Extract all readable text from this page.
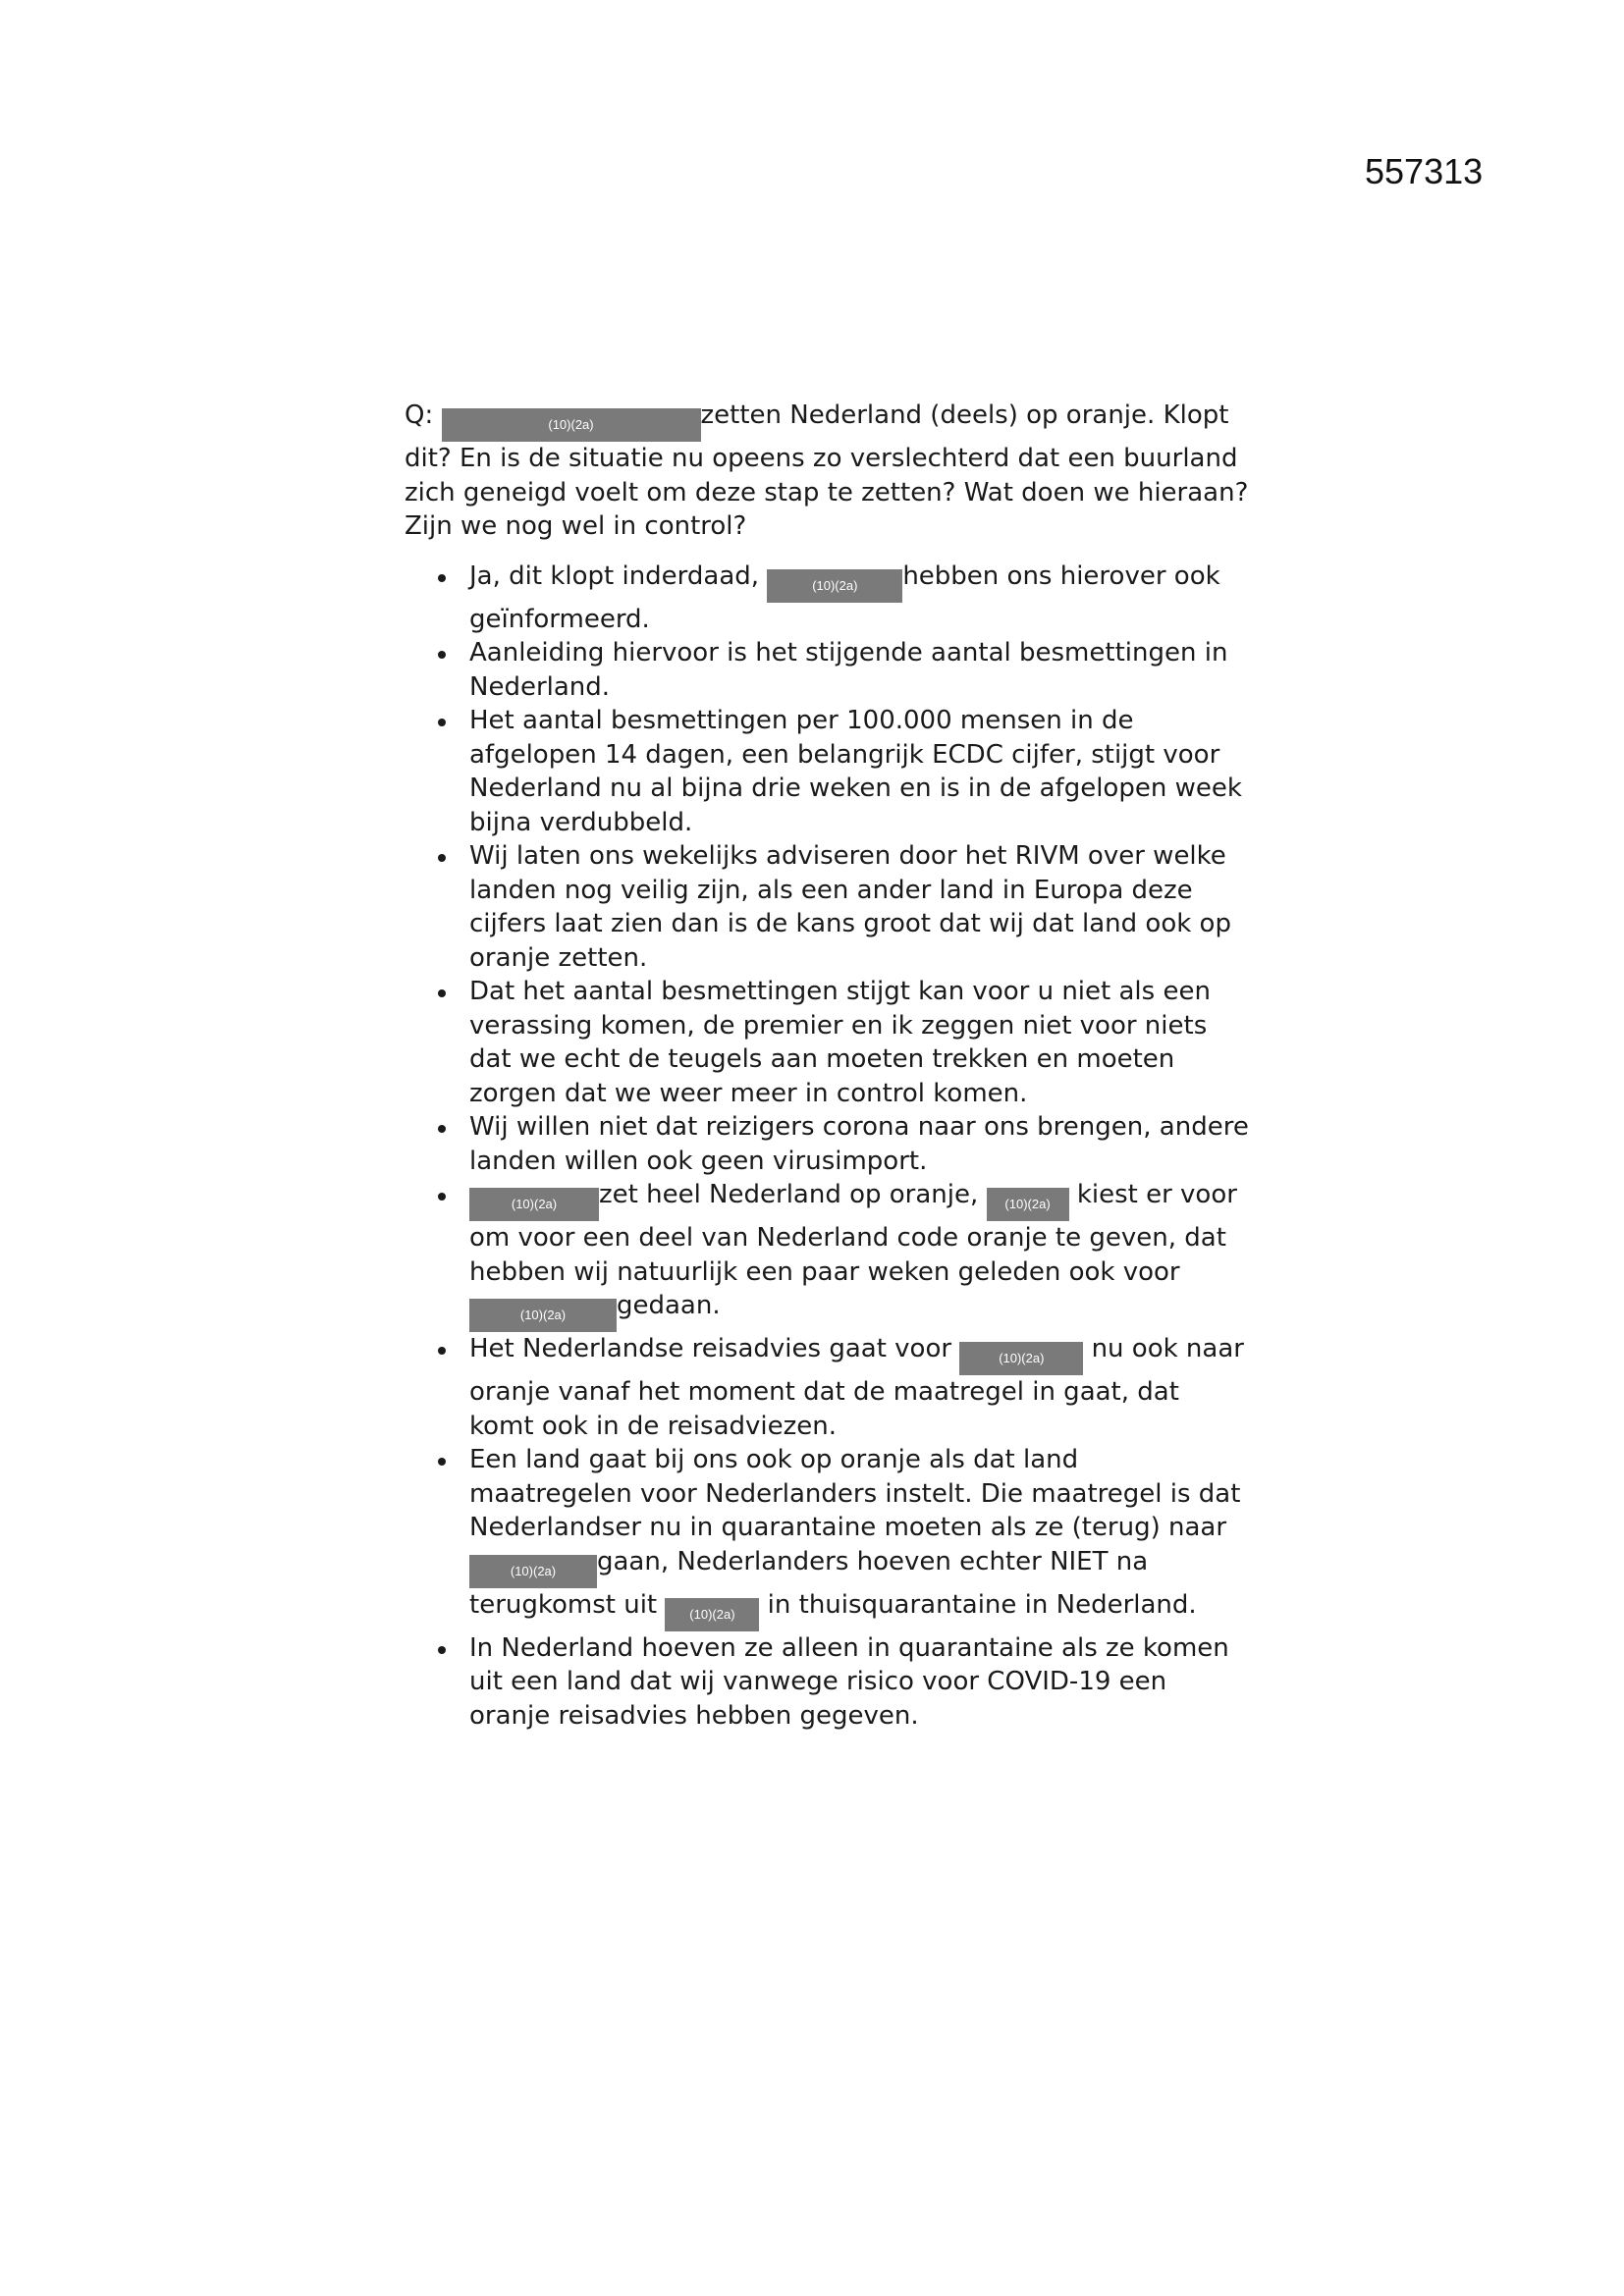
557313

Q:	(10)(2a)	zetten Nederland (deels) op oranje. Klopt dit? En is de situatie nu opeens zo verslechterd dat een buurland zich geneigd voelt om deze stap te zetten? Wat doen we hieraan? Zijn we nog wel in control?

Ja, dit klopt inderdaad,	(10)(2a) hebben ons hierover ook geïnformeerd.
Aanleiding hiervoor is het stijgende aantal besmettingen in Nederland.
Het aantal besmettingen per 100.000 mensen in de afgelopen 14 dagen, een belangrijk ECDC cijfer, stijgt voor Nederland nu al bijna drie weken en is in de afgelopen week bijna verdubbeld.
Wij laten ons wekelijks adviseren door het RIVM over welke landen nog veilig zijn, als een ander land in Europa deze cijfers laat zien dan is de kans groot dat wij dat land ook op oranje zetten.
Dat het aantal besmettingen stijgt kan voor u niet als een verassing komen, de premier en ik zeggen niet voor niets dat we echt de teugels aan moeten trekken en moeten zorgen dat we weer meer in control komen.
Wij willen niet dat reizigers corona naar ons brengen, andere landen willen ook geen virusimport.
(10)(2a) zet heel Nederland op oranje, (10)(2a) kiest er voor om voor een deel van Nederland code oranje te geven, dat hebben wij natuurlijk een paar weken geleden ook voor (10)(2a) gedaan.
Het Nederlandse reisadvies gaat voor	(10)(2a) nu ook naar oranje vanaf het moment dat de maatregel in gaat, dat komt ook in de reisadviezen.
Een land gaat bij ons ook op oranje als dat land maatregelen voor Nederlanders instelt. Die maatregel is dat Nederlandser nu in quarantaine moeten als ze (terug) naar (10)(2a) gaan, Nederlanders hoeven echter NIET na terugkomst uit (10)(2a) in thuisquarantaine in Nederland.
In Nederland hoeven ze alleen in quarantaine als ze komen uit een land dat wij vanwege risico voor COVID-19 een oranje reisadvies hebben gegeven.
